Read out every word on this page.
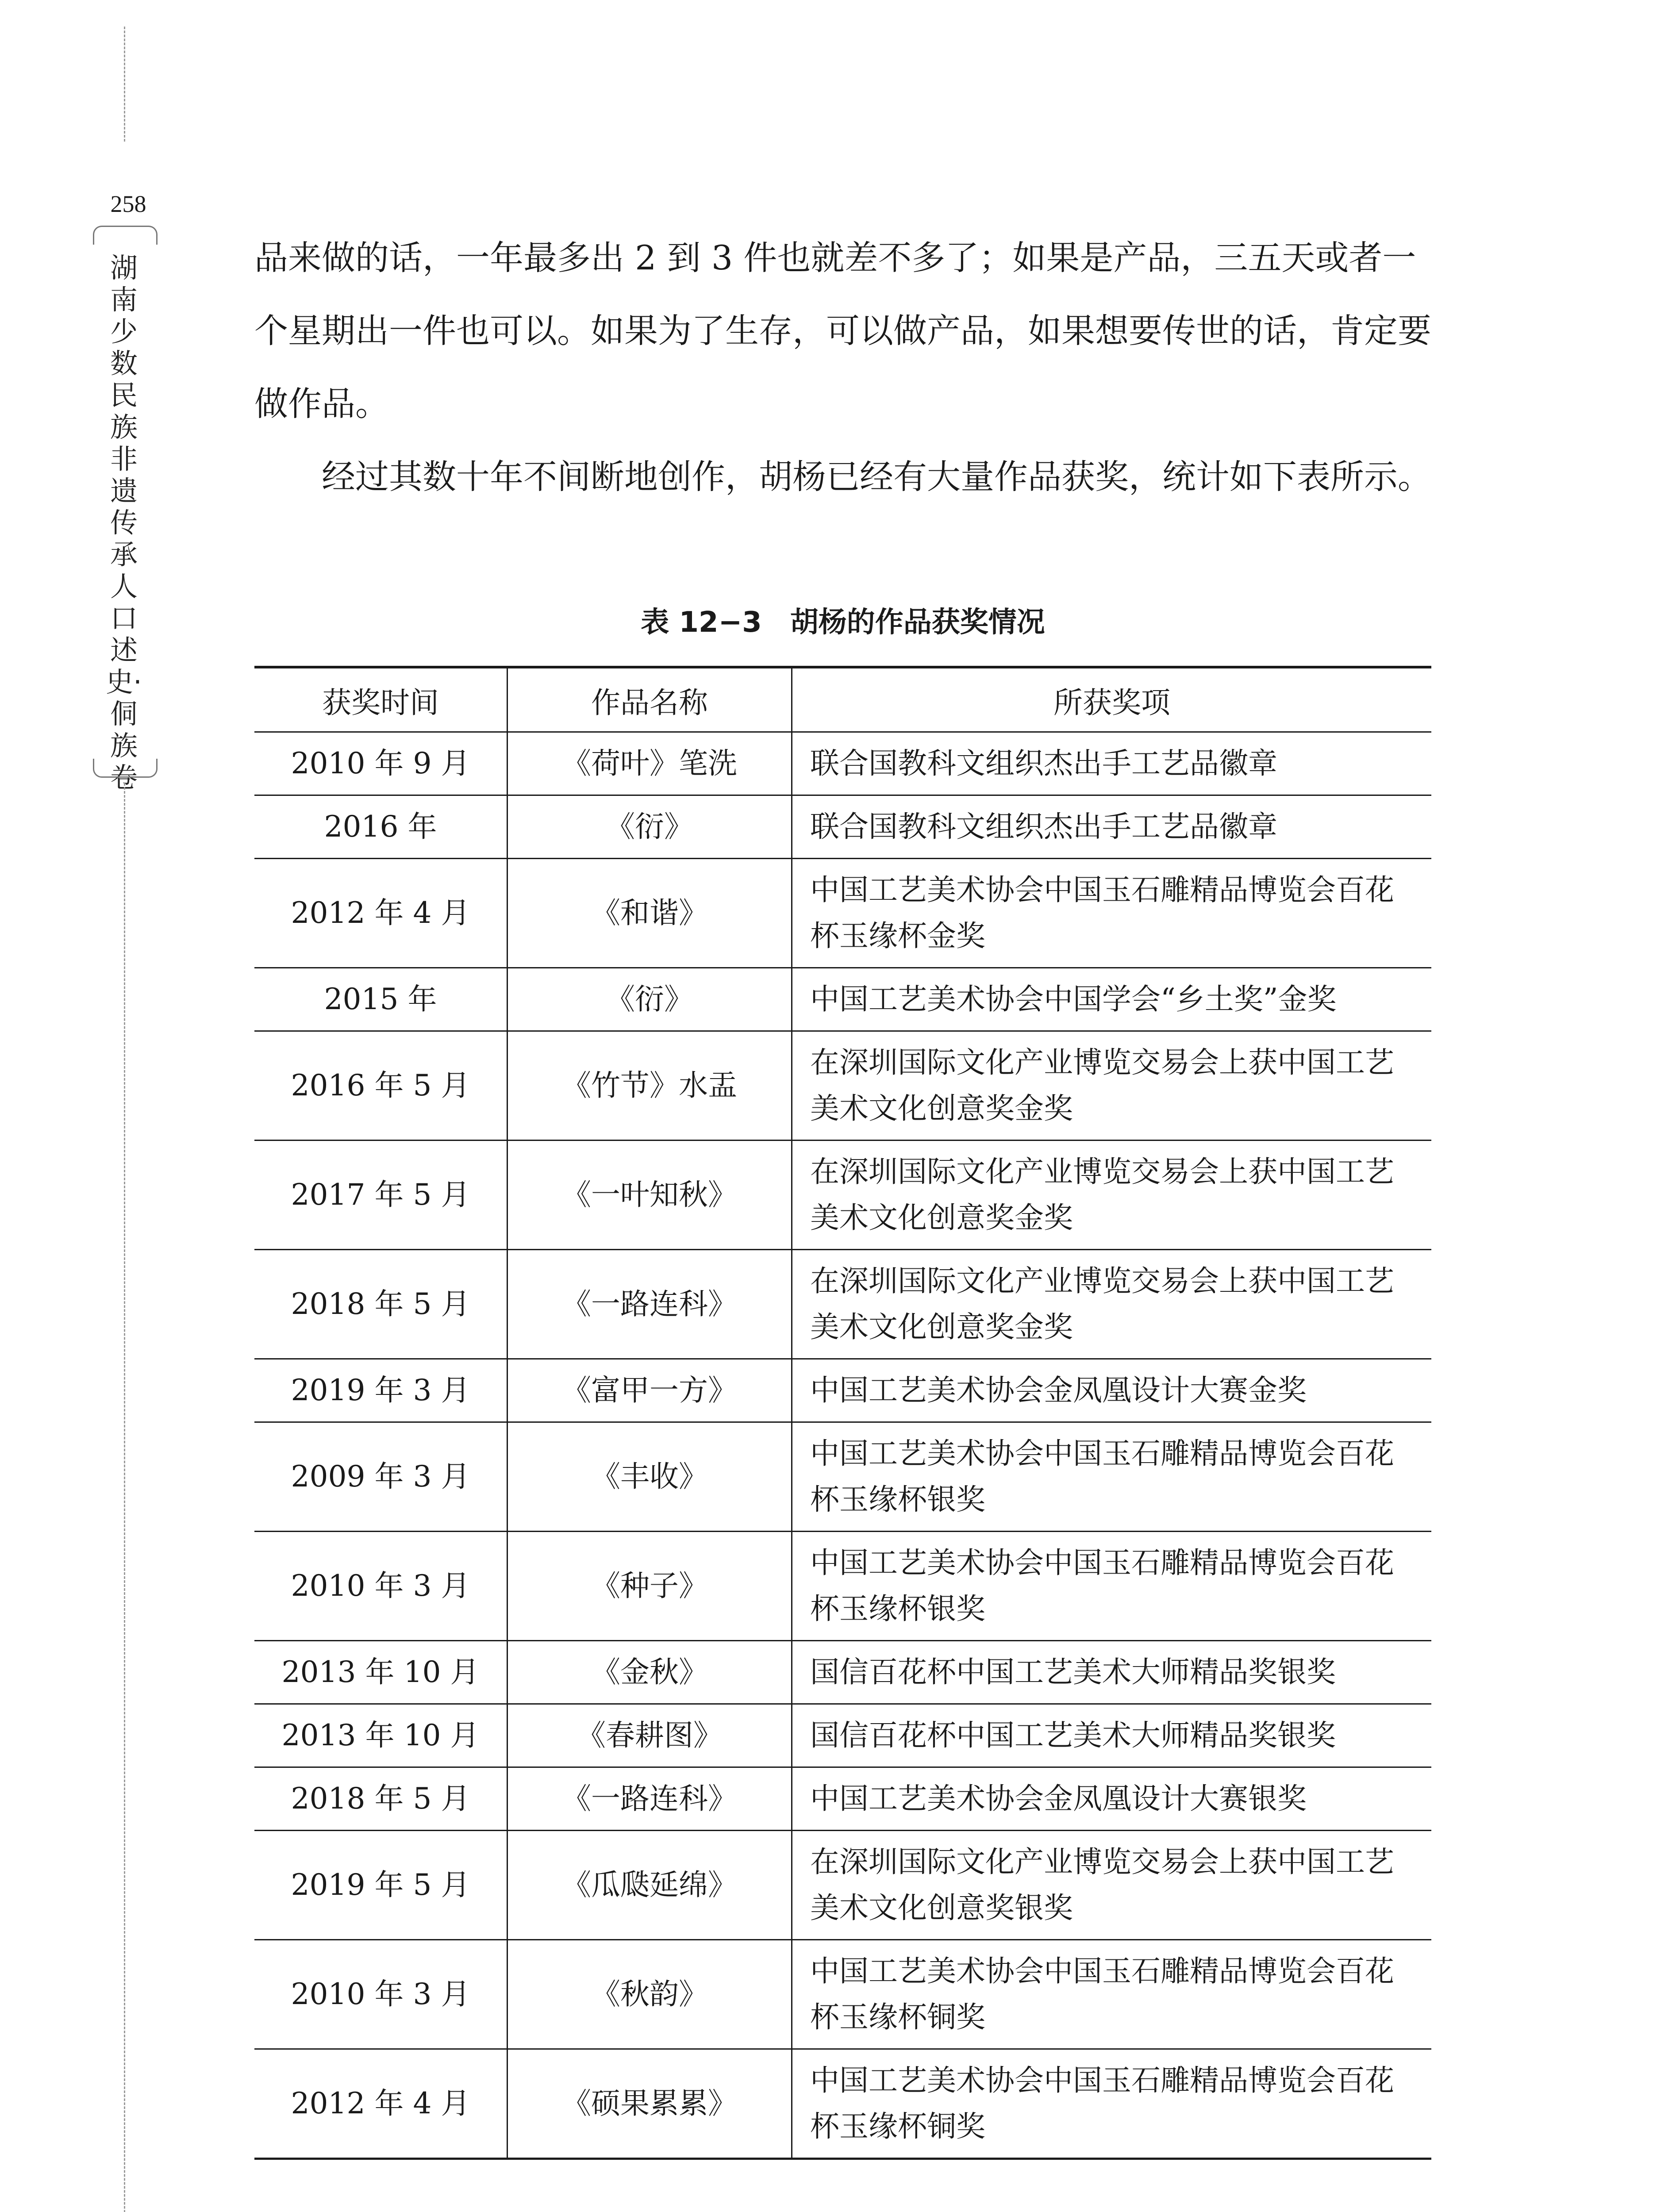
258
湖南少数民族非遗传承人口述史·侗族卷

品来做的话，一年最多出 2 到 3 件也就差不多了；如果是产品，三五天或者一个星期出一件也可以。如果为了生存，可以做产品，如果想要传世的话，肯定要做作品。

经过其数十年不间断地创作，胡杨已经有大量作品获奖，统计如下表所示。

表 12−3　胡杨的作品获奖情况
获奖时间	作品名称	所获奖项
2010 年 9 月	《荷叶》笔洗	联合国教科文组织杰出手工艺品徽章
2016 年	《衍》	联合国教科文组织杰出手工艺品徽章
2012 年 4 月	《和谐》	中国工艺美术协会中国玉石雕精品博览会百花杯玉缘杯金奖
2015 年	《衍》	中国工艺美术协会中国学会“乡土奖”金奖
2016 年 5 月	《竹节》水盂	在深圳国际文化产业博览交易会上获中国工艺美术文化创意奖金奖
2017 年 5 月	《一叶知秋》	在深圳国际文化产业博览交易会上获中国工艺美术文化创意奖金奖
2018 年 5 月	《一路连科》	在深圳国际文化产业博览交易会上获中国工艺美术文化创意奖金奖
2019 年 3 月	《富甲一方》	中国工艺美术协会金凤凰设计大赛金奖
2009 年 3 月	《丰收》	中国工艺美术协会中国玉石雕精品博览会百花杯玉缘杯银奖
2010 年 3 月	《种子》	中国工艺美术协会中国玉石雕精品博览会百花杯玉缘杯银奖
2013 年 10 月	《金秋》	国信百花杯中国工艺美术大师精品奖银奖
2013 年 10 月	《春耕图》	国信百花杯中国工艺美术大师精品奖银奖
2018 年 5 月	《一路连科》	中国工艺美术协会金凤凰设计大赛银奖
2019 年 5 月	《瓜瓞延绵》	在深圳国际文化产业博览交易会上获中国工艺美术文化创意奖银奖
2010 年 3 月	《秋韵》	中国工艺美术协会中国玉石雕精品博览会百花杯玉缘杯铜奖
2012 年 4 月	《硕果累累》	中国工艺美术协会中国玉石雕精品博览会百花杯玉缘杯铜奖
